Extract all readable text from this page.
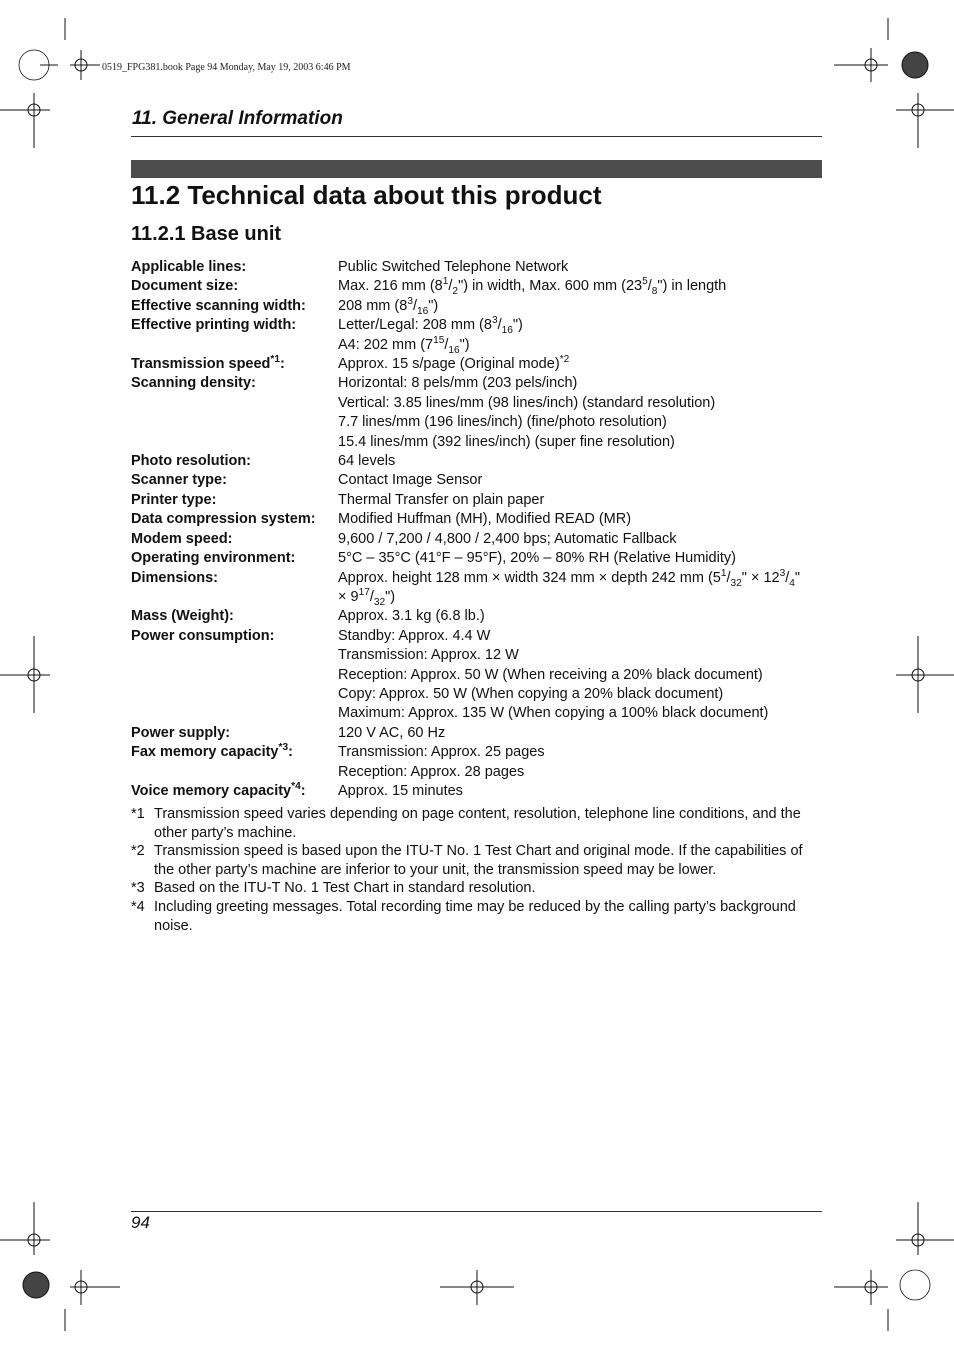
0519_FPG381.book Page 94 Monday, May 19, 2003 6:46 PM
11. General Information
11.2 Technical data about this product
11.2.1 Base unit
Applicable lines:	Public Switched Telephone Network
Document size:	Max. 216 mm $(8^1/_2")$ in width, Max. 600 mm $(23^5/_8")$ in length
Effective scanning width:	208 mm $(8^3/_{16}")$
Effective printing width:	Letter/Legal: 208 mm $(8^3/_{16}")$
A4: 202 mm $(7^{15}/_{16}")$
Transmission speed$^{*1}$:	Approx. 15 s/page (Original mode)$^{*2}$
Scanning density:	Horizontal: 8 pels/mm (203 pels/inch)
Vertical: 3.85 lines/mm (98 lines/inch) (standard resolution)
7.7 lines/mm (196 lines/inch) (fine/photo resolution)
15.4 lines/mm (392 lines/inch) (super fine resolution)
Photo resolution:	64 levels
Scanner type:	Contact Image Sensor
Printer type:	Thermal Transfer on plain paper
Data compression system:	Modified Huffman (MH), Modified READ (MR)
Modem speed:	9,600 / 7,200 / 4,800 / 2,400 bps; Automatic Fallback
Operating environment:	5°C – 35°C (41°F – 95°F), 20% – 80% RH (Relative Humidity)
Dimensions:	Approx. height 128 mm × width 324 mm × depth 242 mm ($5^1/_{32}$" × $12^3/_4$"
× $9^{17}/_{32}$")
Mass (Weight):	Approx. 3.1 kg (6.8 lb.)
Power consumption:	Standby: Approx. 4.4 W
Transmission: Approx. 12 W
Reception: Approx. 50 W (When receiving a 20% black document)
Copy: Approx. 50 W (When copying a 20% black document)
Maximum: Approx. 135 W (When copying a 100% black document)
Power supply:	120 V AC, 60 Hz
Fax memory capacity$^{*3}$:	Transmission: Approx. 25 pages
Reception: Approx. 28 pages
Voice memory capacity$^{*4}$:	Approx. 15 minutes
*1 Transmission speed varies depending on page content, resolution, telephone line conditions, and the other party’s machine.
*2 Transmission speed is based upon the ITU-T No. 1 Test Chart and original mode. If the capabilities of the other party’s machine are inferior to your unit, the transmission speed may be lower.
*3 Based on the ITU-T No. 1 Test Chart in standard resolution.
*4 Including greeting messages. Total recording time may be reduced by the calling party’s background noise.
94
